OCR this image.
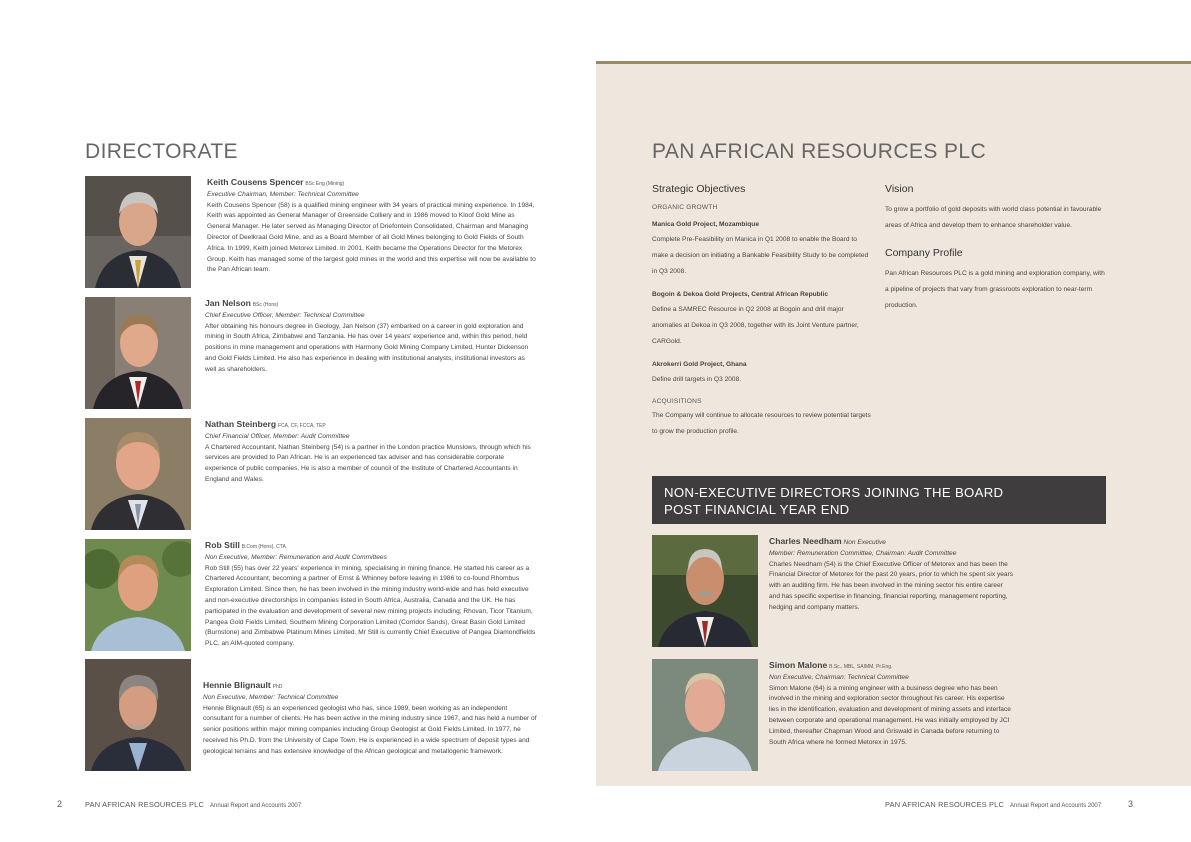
DIRECTORATE

Keith Cousens Spencer BSc Eng (Mining)

Executive Chairman, Member: Technical Committee

Keith Cousens Spencer (58) is a qualified mining engineer with 34 years of practical mining experience. In 1984, Keith was appointed as General Manager of Greenside Colliery and in 1986 moved to Kloof Gold Mine as General Manager. He later served as Managing Director of Driefontein Consolidated, Chairman and Managing Director of Deelkraal Gold Mine, and as a Board Member of all Gold Mines belonging to Gold Fields of South Africa. In 1999, Keith joined Metorex Limited. In 2001, Keith became the Operations Director for the Metorex Group. Keith has managed some of the largest gold mines in the world and this expertise will now be available to the Pan African team.

Jan Nelson BSc (Hons)

Chief Executive Officer, Member: Technical Committee

After obtaining his honours degree in Geology, Jan Nelson (37) embarked on a career in gold exploration and mining in South Africa, Zimbabwe and Tanzania. He has over 14 years' experience and, within this period, held positions in mine management and operations with Harmony Gold Mining Company Limited, Hunter Dickenson and Gold Fields Limited. He also has experience in dealing with institutional analysts, institutional investors as well as shareholders.

Nathan Steinberg FCA, CF, FCCA, TEP

Chief Financial Officer, Member: Audit Committee

A Chartered Accountant, Nathan Steinberg (54) is a partner in the London practice Munslows, through which his services are provided to Pan African. He is an experienced tax adviser and has considerable corporate experience of public companies. He is also a member of council of the Institute of Chartered Accountants in England and Wales.

Rob Still B.Com (Hons), CTA

Non Executive, Member: Remuneration and Audit Committees

Rob Still (55) has over 22 years' experience in mining, specialising in mining finance. He started his career as a Chartered Accountant, becoming a partner of Ernst & Whinney before leaving in 1986 to co-found Rhombus Exploration Limited. Since then, he has been involved in the mining industry world-wide and has held executive and non-executive directorships in companies listed in South Africa, Australia, Canada and the UK. He has participated in the evaluation and development of several new mining projects including; Rhovan, Ticor Titanium, Pangea Gold Fields Limited, Southern Mining Corporation Limited (Corridor Sands), Great Basin Gold Limited (Burnstone) and Zimbabwe Platinum Mines Limited. Mr Still is currently Chief Executive of Pangea Diamondfields PLC, an AIM-quoted company.

Hennie Blignault PhD

Non Executive, Member: Technical Committee

Hennie Blignault (65) is an experienced geologist who has, since 1989, been working as an independent consultant for a number of clients. He has been active in the mining industry since 1967, and has held a number of senior positions within major mining companies including Group Geologist at Gold Fields Limited. In 1977, he received his Ph.D. from the University of Cape Town. He is experienced in a wide spectrum of deposit types and geological terrains and has extensive knowledge of the African geological and metallogenic framework.

2	PAN AFRICAN RESOURCES PLC Annual Report and Accounts 2007
PAN AFRICAN RESOURCES PLC
Strategic Objectives
ORGANIC GROWTH
Manica Gold Project, Mozambique
Complete Pre-Feasibility on Manica in Q1 2008 to enable the Board to make a decision on initiating a Bankable Feasibility Study to be completed in Q3 2008.
Bogoin & Dekoa Gold Projects, Central African Republic
Define a SAMREC Resource in Q2 2008 at Bogoin and drill major anomalies at Dekoa in Q3 2008, together with its Joint Venture partner, CARGold.
Akrokerri Gold Project, Ghana
Define drill targets in Q3 2008.
ACQUISITIONS
The Company will continue to allocate resources to review potential targets to grow the production profile.
Vision
To grow a portfolio of gold deposits with world class potential in favourable areas of Africa and develop them to enhance shareholder value.
Company Profile
Pan African Resources PLC is a gold mining and exploration company, with a pipeline of projects that vary from grassroots exploration to near-term production.
NON-EXECUTIVE DIRECTORS JOINING THE BOARD
POST FINANCIAL YEAR END

Charles Needham Non Executive

Member: Remuneration Committee, Chairman: Audit Committee

Charles Needham (54) is the Chief Executive Officer of Metorex and has been the Financial Director of Metorex for the past 20 years, prior to which he spent six years with an auditing firm. He has been involved in the mining sector his entire career and has specific expertise in financing, financial reporting, management reporting, hedging and company matters.

Simon Malone B.Sc., MBL, SAIMM, Pr.Eng.

Non Executive, Chairman: Technical Committee

Simon Malone (64) is a mining engineer with a business degree who has been involved in the mining and exploration sector throughout his career. His expertise lies in the identification, evaluation and development of mining assets and interface between corporate and operational management. He was initially employed by JCI Limited, thereafter Chapman Wood and Griswald in Canada before returning to South Africa where he formed Metorex in 1975.

PAN AFRICAN RESOURCES PLC Annual Report and Accounts 2007	3
